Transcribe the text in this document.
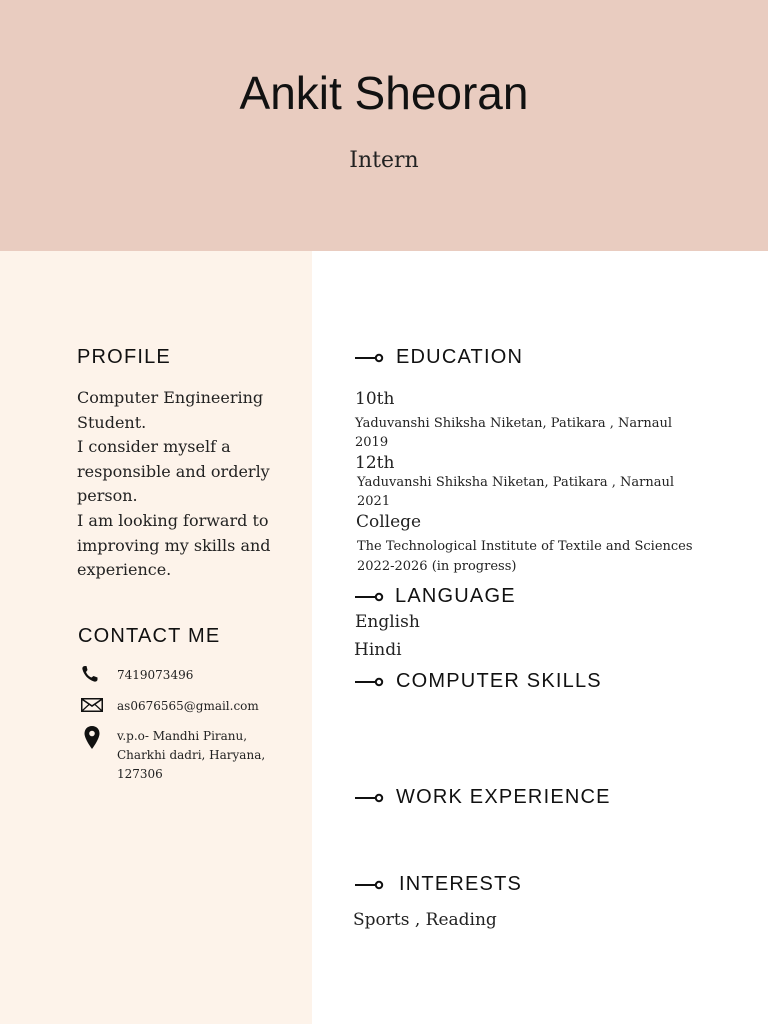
Ankit Sheoran
Intern
PROFILE

Computer Engineering

Student.

I consider myself a

responsible and orderly

person.

I am looking forward to

improving my skills and

experience.

CONTACT ME
7419073496
as0676565@gmail.com
v.p.o- Mandhi Piranu,
Charkhi dadri, Haryana,
127306
EDUCATION
10th
Yaduvanshi Shiksha Niketan, Patikara , Narnaul
2019
12th
Yaduvanshi Shiksha Niketan, Patikara , Narnaul
2021
College
The Technological Institute of Textile and Sciences
2022-2026 (in progress)
LANGUAGE
English
Hindi
COMPUTER SKILLS
WORK EXPERIENCE
INTERESTS
Sports , Reading
